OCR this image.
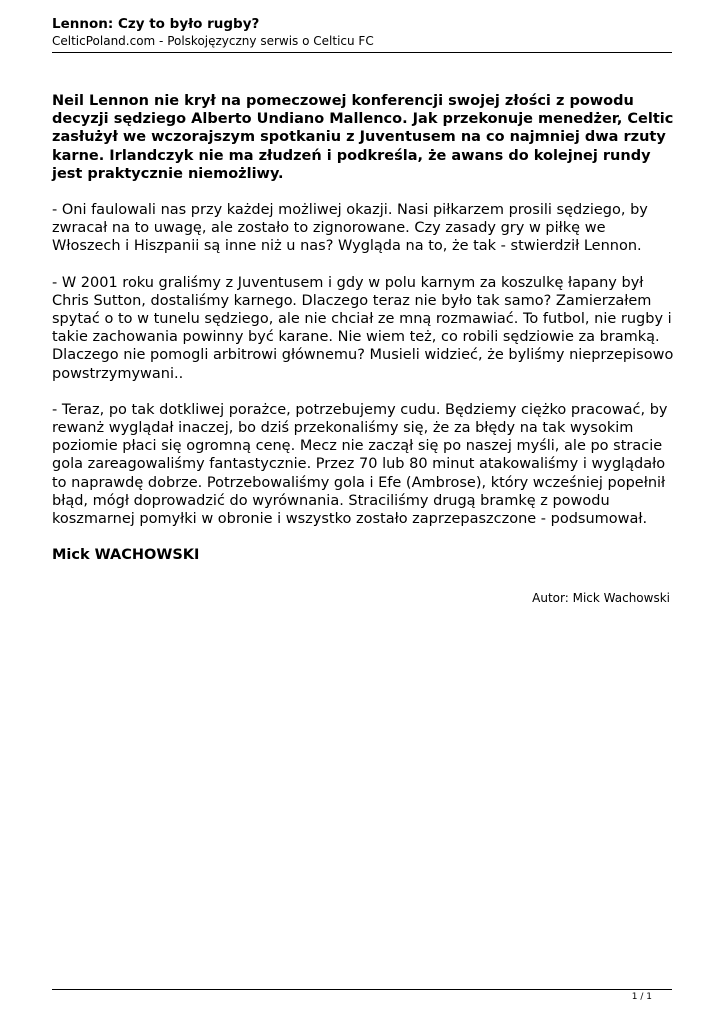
Lennon: Czy to było rugby?

CelticPoland.com - Polskojęzyczny serwis o Celticu FC

Neil Lennon nie krył na pomeczowej konferencji swojej złości z powodu decyzji sędziego Alberto Undiano Mallenco. Jak przekonuje menedżer, Celtic zasłużył we wczorajszym spotkaniu z Juventusem na co najmniej dwa rzuty karne. Irlandczyk nie ma złudzeń i podkreśla, że awans do kolejnej rundy jest praktycznie niemożliwy.

- Oni faulowali nas przy każdej możliwej okazji. Nasi piłkarzem prosili sędziego, by zwracał na to uwagę, ale zostało to zignorowane. Czy zasady gry w piłkę we Włoszech i Hiszpanii są inne niż u nas? Wygląda na to, że tak - stwierdził Lennon.

- W 2001 roku graliśmy z Juventusem i gdy w polu karnym za koszulkę łapany był Chris Sutton, dostaliśmy karnego. Dlaczego teraz nie było tak samo? Zamierzałem spytać o to w tunelu sędziego, ale nie chciał ze mną rozmawiać. To futbol, nie rugby i takie zachowania powinny być karane. Nie wiem też, co robili sędziowie za bramką. Dlaczego nie pomogli arbitrowi głównemu? Musieli widzieć, że byliśmy nieprzepisowo powstrzymywani..

- Teraz, po tak dotkliwej porażce, potrzebujemy cudu. Będziemy ciężko pracować, by rewanż wyglądał inaczej, bo dziś przekonaliśmy się, że za błędy na tak wysokim poziomie płaci się ogromną cenę. Mecz nie zaczął się po naszej myśli, ale po stracie gola zareagowaliśmy fantastycznie. Przez 70 lub 80 minut atakowaliśmy i wyglądało to naprawdę dobrze. Potrzebowaliśmy gola i Efe (Ambrose), który wcześniej popełnił błąd, mógł doprowadzić do wyrównania. Straciliśmy drugą bramkę z powodu koszmarnej pomyłki w obronie i wszystko zostało zaprzepaszczone - podsumował.

Mick WACHOWSKI

Autor: Mick Wachowski

1 / 1
